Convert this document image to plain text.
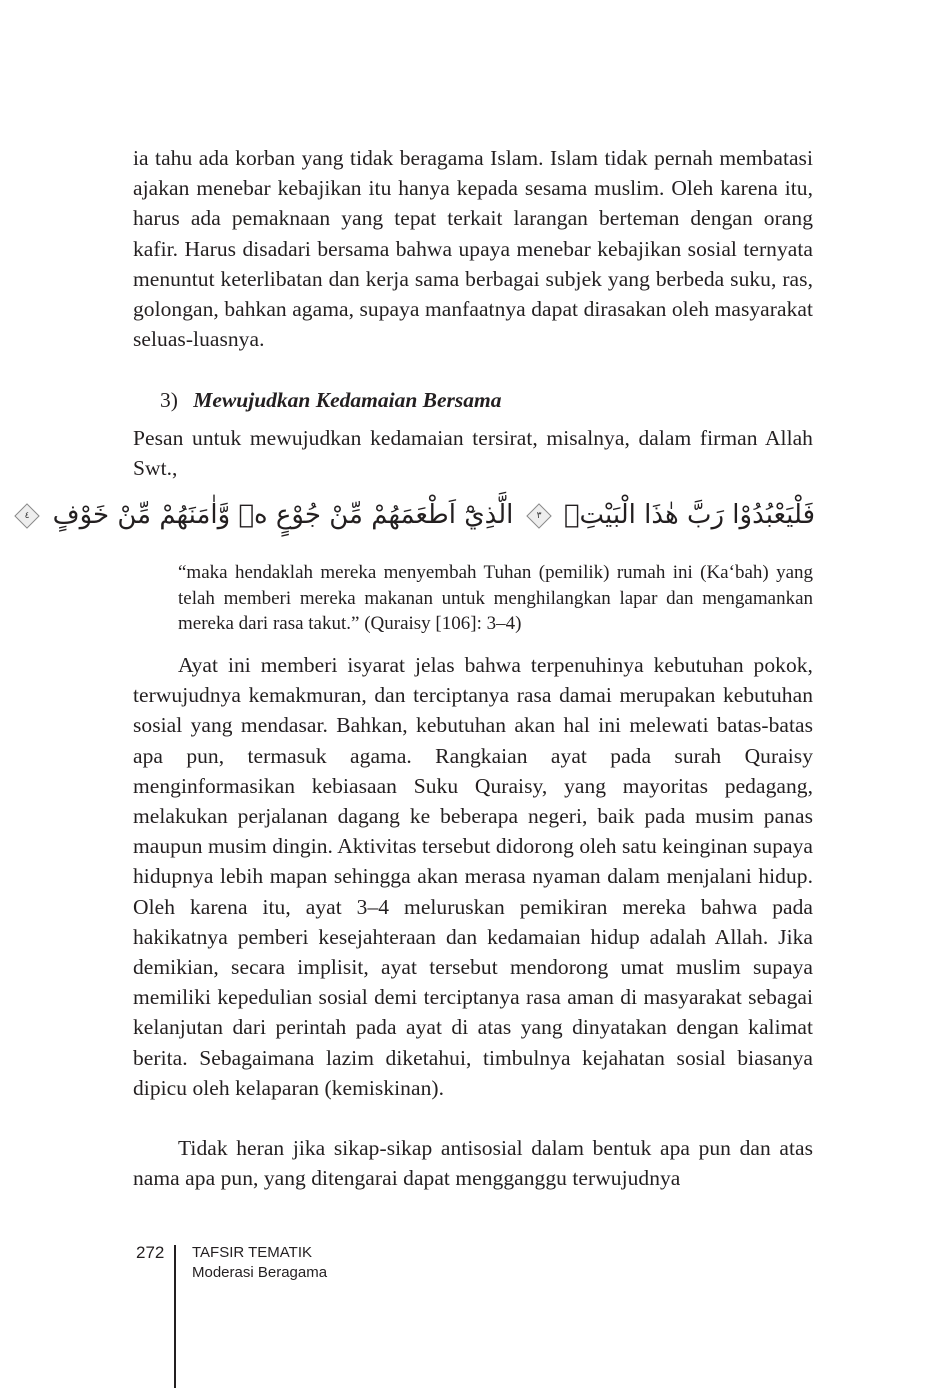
ia tahu ada korban yang tidak beragama Islam. Islam tidak pernah membatasi ajakan menebar kebajikan itu hanya kepada sesama muslim. Oleh karena itu, harus ada pemaknaan yang tepat terkait larangan berteman dengan orang kafir. Harus disadari bersama bahwa upaya menebar kebajikan sosial ternyata menuntut keterlibatan dan kerja sama berbagai subjek yang berbeda suku, ras, golongan, bahkan agama, supaya manfaatnya dapat dirasakan oleh masyarakat seluas-luasnya.

3) Mewujudkan Kedamaian Bersama

Pesan untuk mewujudkan kedamaian tersirat, misalnya, dalam firman Allah Swt.,

فَلْيَعْبُدُوْا رَبَّ هٰذَا الْبَيْتِۙ
٣
الَّذِيْٓ اَطْعَمَهُمْ مِّنْ جُوْعٍ ەۙ وَّاٰمَنَهُمْ مِّنْ خَوْفٍ
٤

“maka hendaklah mereka menyembah Tuhan (pemilik) rumah ini (Ka‘bah) yang telah memberi mereka makanan untuk menghilangkan lapar dan mengamankan mereka dari rasa takut.” (Quraisy [106]: 3–4)

Ayat ini memberi isyarat jelas bahwa terpenuhinya kebutuhan pokok, terwujudnya kemakmuran, dan terciptanya rasa damai merupakan kebutuhan sosial yang mendasar. Bahkan, kebutuhan akan hal ini melewati batas-batas apa pun, termasuk agama. Rangkaian ayat pada surah Quraisy menginformasikan kebiasaan Suku Quraisy, yang mayoritas pedagang, melakukan perjalanan dagang ke beberapa negeri, baik pada musim panas maupun musim dingin. Aktivitas tersebut didorong oleh satu keinginan supaya hidupnya lebih mapan sehingga akan merasa nyaman dalam menjalani hidup. Oleh karena itu, ayat 3–4 meluruskan pemikiran mereka bahwa pada hakikatnya pemberi kesejahteraan dan kedamaian hidup adalah Allah. Jika demikian, secara implisit, ayat tersebut mendorong umat muslim supaya memiliki kepedulian sosial demi terciptanya rasa aman di masyarakat sebagai kelanjutan dari perintah pada ayat di atas yang dinyatakan dengan kalimat berita. Sebagaimana lazim diketahui, timbulnya kejahatan sosial biasanya dipicu oleh kelaparan (kemiskinan).

Tidak heran jika sikap-sikap antisosial dalam bentuk apa pun dan atas nama apa pun, yang ditengarai dapat mengganggu terwujudnya

272 TAFSIR TEMATIK
Moderasi Beragama
